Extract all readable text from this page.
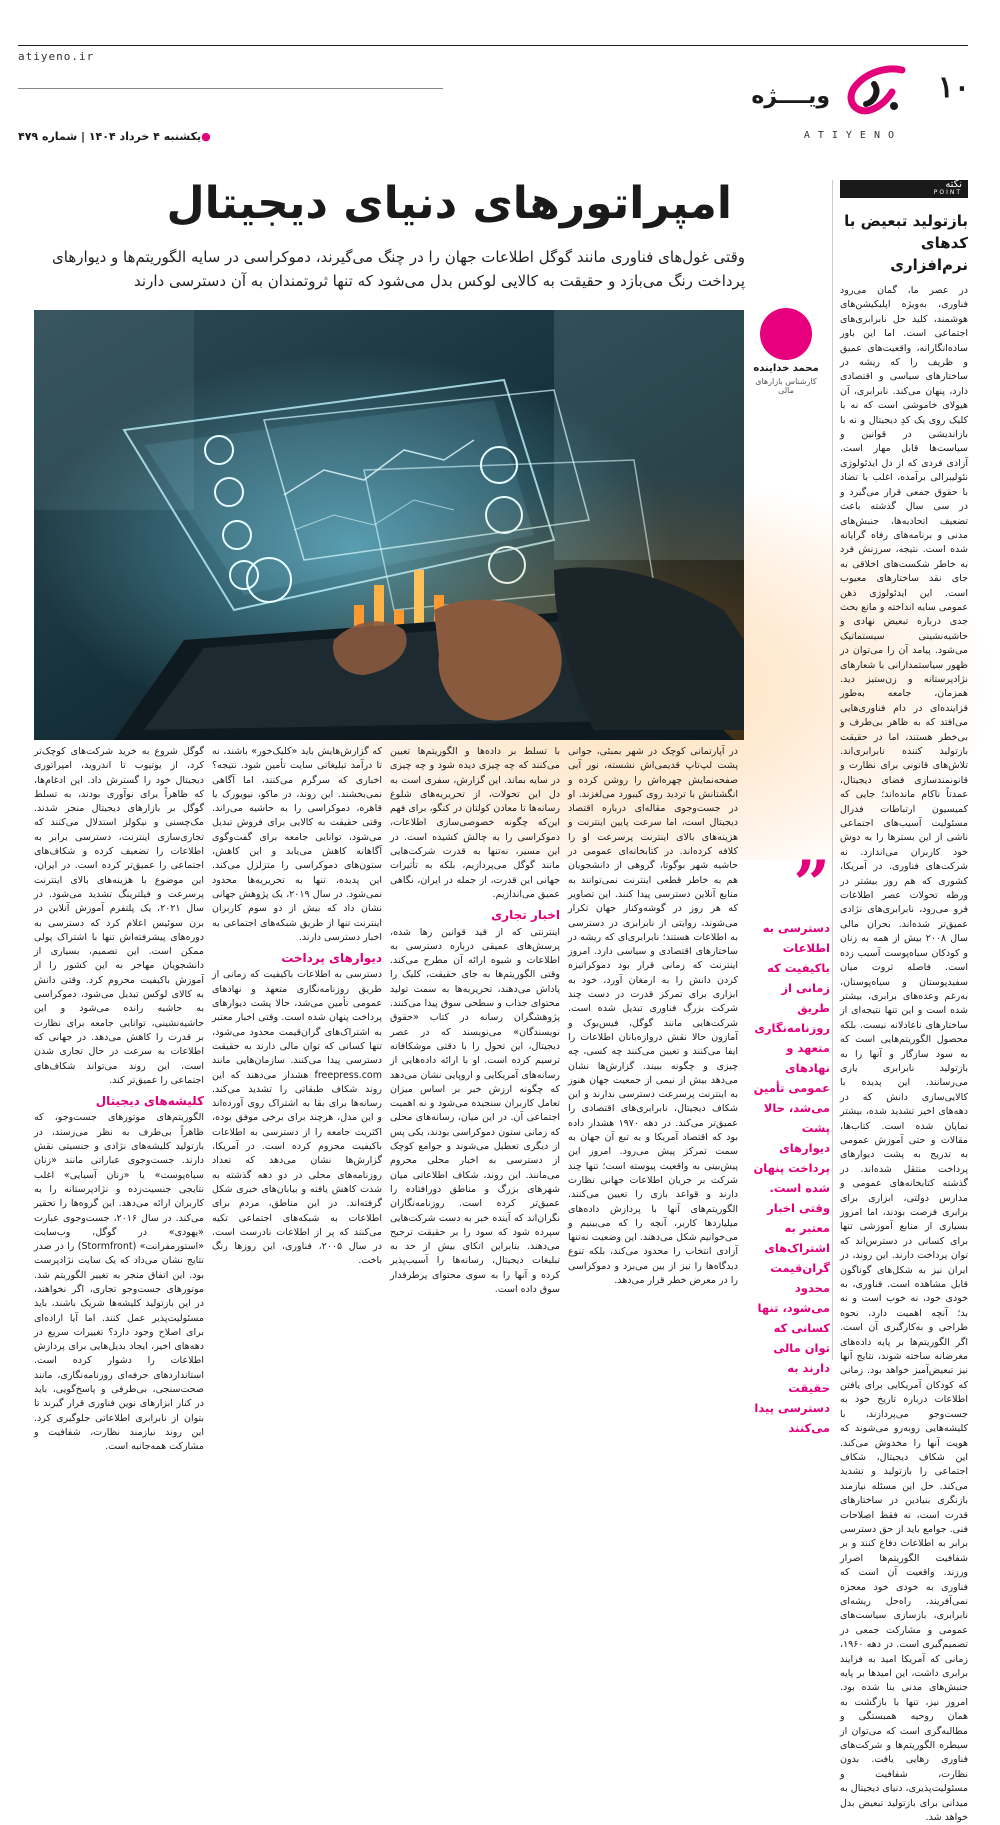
atiyeno.ir
۱۰
ویــــژه
ATIYENO
●یکشنبه ۴ خرداد ۱۴۰۴ | شماره ۴۷۹
امپراتورهای دنیای دیجیتال
وقتی غول‌های فناوری مانند گوگل اطلاعات جهان را در چنگ می‌گیرند، دموکراسی در سایه الگوریتم‌ها و دیوارهای پرداخت رنگ می‌بازد و حقیقت به کالایی لوکس بدل می‌شود که تنها ثروتمندان به آن دسترسی دارند
محمد خداینده
کارشناس بازارهای مالی
”
دسترسی به اطلاعات باکیفیت که زمانی از طریق روزنامه‌نگاری متعهد و نهادهای عمومی تأمین می‌شد، حالا پشت دیوارهای پرداخت پنهان شده است. وقتی اخبار معتبر به اشتراک‌های گران‌قیمت محدود می‌شود، تنها کسانی که توان مالی دارند به حقیقت دسترسی پیدا می‌کنند
نکته
POINT
بازتولید تبعیض با کدهای نرم‌افزاری
در عصر ما، گمان می‌رود فناوری، به‌ویژه اپلیکیشن‌های هوشمند، کلید حل نابرابری‌های اجتماعی است. اما این باور ساده‌انگارانه، واقعیت‌های عمیق و ظریف را که ریشه در ساختارهای سیاسی و اقتصادی دارد، پنهان می‌کند. نابرابری، آن هیولای خاموشی است که نه با کلیک روی یک کدِ دیجیتال و نه با بازاندیشی در قوانین و سیاست‌ها قابل مهار است. آزادی فردی که از دل ایدئولوژی نئولیبرالی برآمده، اغلب با تضاد با حقوق جمعی قرار می‌گیرد و در سی سال گذشته باعث تضعیف اتحادیه‌ها، جنبش‌های مدنی و برنامه‌های رفاه گرایانه شده است. نتیجه، سرزنش فرد به خاطر شکست‌های اخلاقی به جای نقد ساختارهای معیوب است. این ایدئولوژی ذهن عمومی سایه انداخته و مانع بحث جدی درباره تبعیض نهادی و حاشیه‌نشینی سیستماتیک می‌شود. پیامد آن را می‌توان در ظهور سیاستمدارانی با شعارهای نژادپرستانه و زن‌ستیز دید. همزمان، جامعه به‌طور فزاینده‌ای در دام فناوری‌هایی می‌افتد که به ظاهر بی‌طرف و بی‌خطر هستند، اما در حقیقت بازتولید کننده نابرابری‌اند. تلاش‌های قانونی برای نظارت و قانونمندسازی فضای دیجیتال، عمدتاً ناکام مانده‌اند؛ جایی که کمیسیون ارتباطات فدرال مسئولیت آسیب‌های اجتماعی ناشی از این بسترها را به دوش خود کاربران می‌اندازد. نه شرکت‌های فناوری. در آمریکا، کشوری که هم روز بیشتر در ورطه تحولات عصر اطلاعات فرو می‌رود، نابرابری‌های نژادی عمیق‌تر شده‌اند. بحران مالی سال ۲۰۰۸ بیش از همه به زنان و کودکان سیاه‌پوست آسیب زده است. فاصله ثروت میان سفیدپوستان و سیاه‌پوستان، به‌رغم وعده‌های برابری، بیشتر شده است و این تنها نتیجه‌ای از ساختارهای ناعادلانه نیست. بلکه محصول الگوریتم‌هایی است که به سود سازگار و آنها را به بازتولید نابرابری یاری می‌رسانند. این پدیده با کالایی‌سازی دانش که در دهه‌های اخیر تشدید شده، بیشتر نمایان شده است. کتاب‌ها، مقالات و حتی آموزش عمومی به تدریج به پشت دیوارهای پرداخت منتقل شده‌اند. در گذشته کتابخانه‌های عمومی و مدارس دولتی، ابزاری برای برابری فرصت بودند، اما امروز بسیاری از منابع آموزشی تنها برای کسانی در دسترس‌اند که توان پرداخت دارند. این روند، در ایران نیز به شکل‌های گوناگون قابل مشاهده است. فناوری، به خودی خود، نه خوب است و نه بد؛ آنچه اهمیت دارد، نحوه طراحی و به‌کارگیری آن است. اگر الگوریتم‌ها بر پایه داده‌های مغرضانه ساخته شوند، نتایج آنها نیز تبعیض‌آمیز خواهد بود. زمانی که کودکان آمریکایی برای یافتن اطلاعات درباره تاریخ خود به جست‌وجو می‌پردازند، با کلیشه‌هایی روبه‌رو می‌شوند که هویت آنها را مخدوش می‌کند. این شکاف دیجیتال، شکاف اجتماعی را بازتولید و تشدید می‌کند. حل این مسئله نیازمند بازنگری بنیادین در ساختارهای قدرت است، نه فقط اصلاحات فنی. جوامع باید از حق دسترسی برابر به اطلاعات دفاع کنند و بر شفافیت الگوریتم‌ها اصرار ورزند. واقعیت آن است که فناوری به خودی خود معجزه نمی‌آفریند. راه‌حل ریشه‌ای نابرابری، بازسازی سیاست‌های عمومی و مشارکت جمعی در تصمیم‌گیری است. در دهه ۱۹۶۰، زمانی که آمریکا امید به فرایند برابری داشت، این امیدها بر پایه جنبش‌های مدنی بنا شده بود. امروز نیز، تنها با بازگشت به همان روحیه همبستگی و مطالبه‌گری است که می‌توان از سیطره الگوریتم‌ها و شرکت‌های فناوری رهایی یافت. بدون نظارت، شفافیت و مسئولیت‌پذیری، دنیای دیجیتال به میدانی برای بازتولید تبعیض بدل خواهد شد.

در آپارتمانی کوچک در شهر بمبئی، جوانی پشت لپ‌تاپ قدیمی‌اش نشسته، نور آبی صفحه‌نمایش چهره‌اش را روشن کرده و انگشتانش با تردید روی کیبورد می‌لغزند. او در جست‌وجوی مقاله‌ای درباره اقتصاد دیجیتال است، اما سرعت پایین اینترنت و هزینه‌های بالای اینترنت پرسرعت او را کلافه کرده‌اند. در کتابخانه‌ای عمومی در حاشیه شهر بوگوتا، گروهی از دانشجویان هم به خاطر قطعی اینترنت نمی‌توانند به منابع آنلاین دسترسی پیدا کنند. این تصاویر که هر روز در گوشه‌وکنار جهان تکرار می‌شوند، روایتی از نابرابری در دسترسی به اطلاعات هستند؛ نابرابری‌ای که ریشه در ساختارهای اقتصادی و سیاسی دارد. امروز اینترنت که زمانی قرار بود دموکراتیزه کردن دانش را به ارمغان آورد، خود به ابزاری برای تمرکز قدرت در دست چند شرکت بزرگ فناوری تبدیل شده است. شرکت‌هایی مانند گوگل، فیس‌بوک و آمازون حالا نقش دروازه‌بانان اطلاعات را ایفا می‌کنند و تعیین می‌کنند چه کسی، چه چیزی و چگونه ببیند. گزارش‌ها نشان می‌دهد بیش از نیمی از جمعیت جهان هنوز به اینترنت پرسرعت دسترسی ندارند و این شکاف دیجیتال، نابرابری‌های اقتصادی را عمیق‌تر می‌کند. در دهه ۱۹۷۰ هشدار داده بود که اقتصاد آمریکا و به تبع آن جهان به سمت تمرکز پیش می‌رود. امروز این پیش‌بینی به واقعیت پیوسته است؛ تنها چند شرکت بر جریان اطلاعات جهانی نظارت دارند و قواعد بازی را تعیین می‌کنند. الگوریتم‌های آنها با پردازش داده‌های میلیاردها کاربر، آنچه را که می‌بینیم و می‌خوانیم شکل می‌دهند. این وضعیت نه‌تنها آزادی انتخاب را محدود می‌کند، بلکه تنوع دیدگاه‌ها را نیز از بین می‌برد و دموکراسی را در معرض خطر قرار می‌دهد.

با تسلط بر داده‌ها و الگوریتم‌ها تعیین می‌کنند که چه چیزی دیده شود و چه چیزی در سایه بماند. این گزارش، سفری است به دل این تحولات، از تحریریه‌های شلوغ رسانه‌ها تا معادن کولتان در کنگو، برای فهم این‌که چگونه خصوصی‌سازی اطلاعات، دموکراسی را به چالش کشیده است. در این مسیر، نه‌تنها به قدرت شرکت‌هایی مانند گوگل می‌پردازیم، بلکه به تأثیرات جهانی این قدرت، از جمله در ایران، نگاهی عمیق می‌اندازیم.

اخبار تجاری

اینترنتی که از قید قوانین رها شده، پرسش‌های عمیقی درباره دسترسی به اطلاعات و شیوه ارائه آن مطرح می‌کند. وقتی الگوریتم‌ها به جای حقیقت، کلیک را پاداش می‌دهند، تحریریه‌ها به سمت تولید محتوای جذاب و سطحی سوق پیدا می‌کنند. پژوهشگران رسانه در کتاب «حقوق نویسندگان» می‌نویسند که در عصر دیجیتال، این تحول را با دقتی موشکافانه ترسیم کرده است. او با ارائه داده‌هایی از رسانه‌های آمریکایی و اروپایی نشان می‌دهد که چگونه ارزش خبر بر اساس میزان تعامل کاربران سنجیده می‌شود و نه اهمیت اجتماعی آن. در این میان، رسانه‌های محلی که زمانی ستون دموکراسی بودند، یکی پس از دیگری تعطیل می‌شوند و جوامع کوچک از دسترسی به اخبار محلی محروم می‌مانند. این روند، شکاف اطلاعاتی میان شهرهای بزرگ و مناطق دورافتاده را عمیق‌تر کرده است. روزنامه‌نگاران نگران‌اند که آینده خبر به دست شرکت‌هایی سپرده شود که سود را بر حقیقت ترجیح می‌دهند. بنابراین اتکای بیش از حد به تبلیغات دیجیتال، رسانه‌ها را آسیب‌پذیر کرده و آنها را به سوی محتوای پرطرفدار سوق داده است.

که گزارش‌هایش باید «کلیک‌خور» باشند، نه تا درآمد تبلیغاتی سایت تأمین شود. نتیجه؟ اخباری که سرگرم می‌کنند، اما آگاهی نمی‌بخشند. این روند، در ماکو، نیویورک یا قاهره، دموکراسی را به حاشیه می‌راند. وقتی حقیقت به کالایی برای فروش تبدیل می‌شود، توانایی جامعه برای گفت‌وگوی آگاهانه کاهش می‌یابد و این کاهش، ستون‌های دموکراسی را متزلزل می‌کند. این پدیده، تنها به تحریریه‌ها محدود نمی‌شود. در سال ۲۰۱۹، یک پژوهش جهانی نشان داد که بیش از دو سوم کاربران اینترنت تنها از طریق شبکه‌های اجتماعی به اخبار دسترسی دارند.

دیوارهای پرداخت

دسترسی به اطلاعات باکیفیت که زمانی از طریق روزنامه‌نگاری متعهد و نهادهای عمومی تأمین می‌شد، حالا پشت دیوارهای پرداخت پنهان شده است. وقتی اخبار معتبر به اشتراک‌های گران‌قیمت محدود می‌شود، تنها کسانی که توان مالی دارند به حقیقت دسترسی پیدا می‌کنند. سازمان‌هایی مانند freepress.com هشدار می‌دهند که این روند شکاف طبقاتی را تشدید می‌کند. رسانه‌ها برای بقا به اشتراک روی آورده‌اند و این مدل، هرچند برای برخی موفق بوده، اکثریت جامعه را از دسترسی به اطلاعات باکیفیت محروم کرده است. در آمریکا، گزارش‌ها نشان می‌دهد که تعداد روزنامه‌های محلی در دو دهه گذشته به شدت کاهش یافته و بیابان‌های خبری شکل گرفته‌اند. در این مناطق، مردم برای اطلاعات به شبکه‌های اجتماعی تکیه می‌کنند که پر از اطلاعات نادرست است. در سال ۲۰۰۵، فناوری، این روزها رنگ باخت.

گوگل شروع به خرید شرکت‌های کوچک‌تر کرد، از یوتیوب تا اندروید، امپراتوری دیجیتال خود را گسترش داد. این ادغام‌ها، که ظاهراً برای نوآوری بودند، به تسلط گوگل بر بازارهای دیجیتال منجر شدند. مک‌چسنی و نیکولز استدلال می‌کنند که تجاری‌سازی اینترنت، دسترسی برابر به اطلاعات را تضعیف کرده و شکاف‌های اجتماعی را عمیق‌تر کرده است. در ایران، این موضوع با هزینه‌های بالای اینترنت پرسرعت و فیلترینگ تشدید می‌شود. در سال ۲۰۲۱، یک پلتفرم آموزش آنلاین در برن سوئیس اعلام کرد که دسترسی به دوره‌های پیشرفته‌اش تنها با اشتراک پولی ممکن است. این تصمیم، بسیاری از دانشجویان مهاجر به این کشور را از آموزش باکیفیت محروم کرد. وقتی دانش به کالای لوکس تبدیل می‌شود، دموکراسی به حاشیه رانده می‌شود و این حاشیه‌نشینی، توانایی جامعه برای نظارت بر قدرت را کاهش می‌دهد. در جهانی که اطلاعات به سرعت در حال تجاری شدن است، این روند می‌تواند شکاف‌های اجتماعی را عمیق‌تر کند.

کلیشه‌های دیجیتال

الگوریتم‌های موتورهای جست‌وجو، که ظاهراً بی‌طرف به نظر می‌رسند، در بازتولید کلیشه‌های نژادی و جنسیتی نقش دارند. جست‌وجوی عباراتی مانند «زنان سیاه‌پوست» یا «زنان آسیایی» اغلب نتایجی جنسیت‌زده و نژادپرستانه را به کاربران ارائه می‌دهد. این گروه‌ها را تحقیر می‌کند. در سال ۲۰۱۶، جست‌وجوی عبارت «یهودی» در گوگل، وب‌سایت «استورمفرانت» (Stormfront) را در صدر نتایج نشان می‌داد که یک سایت نژادپرست بود. این اتفاق منجر به تغییر الگوریتم شد. موتورهای جست‌وجو تجاری، اگر نخواهند، در این بازتولید کلیشه‌ها شریک باشند، باید مسئولیت‌پذیر عمل کنند. اما آیا اراده‌ای برای اصلاح وجود دارد؟ تغییرات سریع در دهه‌های اخیر، ایجاد بدیل‌هایی برای پردازش اطلاعات را دشوار کرده است. استانداردهای حرفه‌ای روزنامه‌نگاری، مانند صحت‌سنجی، بی‌طرفی و پاسخ‌گویی، باید در کنار ابزارهای نوین فناوری قرار گیرند تا بتوان از نابرابری اطلاعاتی جلوگیری کرد. این روند نیازمند نظارت، شفافیت و مشارکت همه‌جانبه است.
